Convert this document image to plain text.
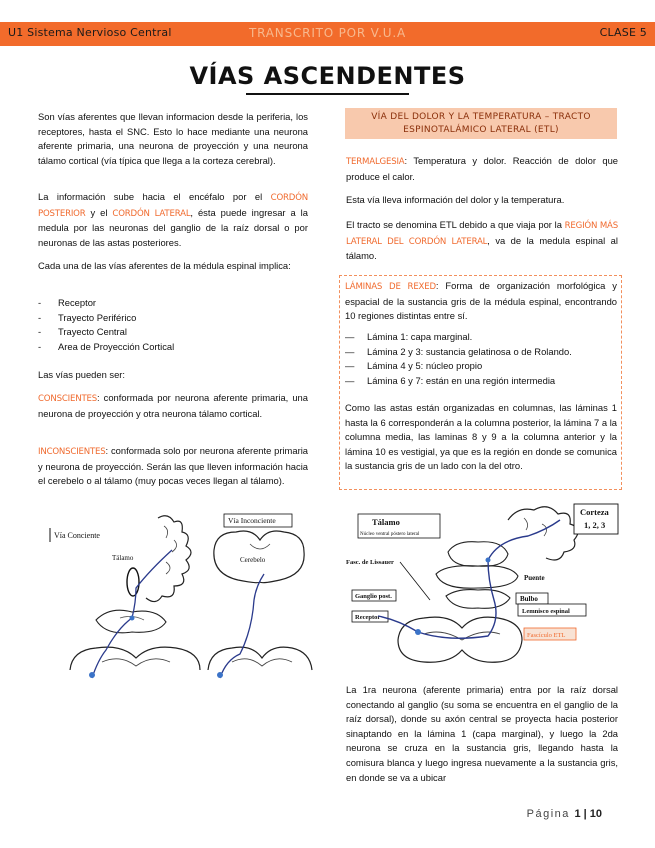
U1 Sistema Nervioso Central	TRANSCRITO POR V.U.A	CLASE 5
VÍAS ASCENDENTES
Son vías aferentes que llevan informacion desde la periferia, los receptores, hasta el SNC. Esto lo hace mediante una neurona aferente primaria, una neurona de proyección y una neurona tálamo cortical (vía típica que llega a la corteza cerebral).
La información sube hacia el encéfalo por el CORDÓN POSTERIOR y el CORDÓN LATERAL, ésta puede ingresar a la medula por las neuronas del ganglio de la raíz dorsal o por neuronas de las astas posteriores.
Cada una de las vías aferentes de la médula espinal implica:
- Receptor
- Trayecto Periférico
- Trayecto Central
- Area de Proyección Cortical
Las vías pueden ser:
CONSCIENTES: conformada por neurona aferente primaria, una neurona de proyección y otra neurona tálamo cortical.
INCONSCIENTES: conformada solo por neurona aferente primaria y neurona de proyección. Serán las que lleven información hacia el cerebelo o al tálamo (muy pocas veces llegan al tálamo).
Vía Conciente
Tálamo
Vía Inconciente
Cerebelo
VÍA DEL DOLOR Y LA TEMPERATURA – TRACTO
ESPINOTALÁMICO LATERAL (ETL)
TERMALGESIA: Temperatura y dolor. Reacción de dolor que produce el calor.
Esta vía lleva información del dolor y la temperatura.
El tracto se denomina ETL debido a que viaja por la REGIÓN MÁS LATERAL DEL CORDÓN LATERAL, va de la medula espinal al tálamo.
LÁMINAS DE REXED: Forma de organización morfológica y espacial de la sustancia gris de la médula espinal, encontrando 10 regiones distintas entre sí.
— Lámina 1: capa marginal.
— Lámina 2 y 3: sustancia gelatinosa o de Rolando.
— Lámina 4 y 5: núcleo propio
— Lámina 6 y 7: están en una región intermedia
Como las astas están organizadas en columnas, las láminas 1 hasta la 6 corresponderán a la columna posterior, la lámina 7 a la columna media, las laminas 8 y 9 a la columna anterior y la lámina 10 es vestigial, ya que es la región en donde se comunica la sustancia gris de un lado con la del otro.
Corteza
1, 2, 3
Tálamo
Núcleo ventral póstero lateral
Puente
Bulbo
Fasc. de Lissauer
Ganglio post.
Receptor
Lemnisco espinal
Fascículo ETL
La 1ra neurona (aferente primaria) entra por la raíz dorsal conectando al ganglio (su soma se encuentra en el ganglio de la raíz dorsal), donde su axón central se proyecta hacia posterior sinaptando en la lámina 1 (capa marginal), y luego la 2da neurona se cruza en la sustancia gris, llegando hasta la comisura blanca y luego ingresa nuevamente a la sustancia gris, en donde se va a ubicar
Página 1 | 10
